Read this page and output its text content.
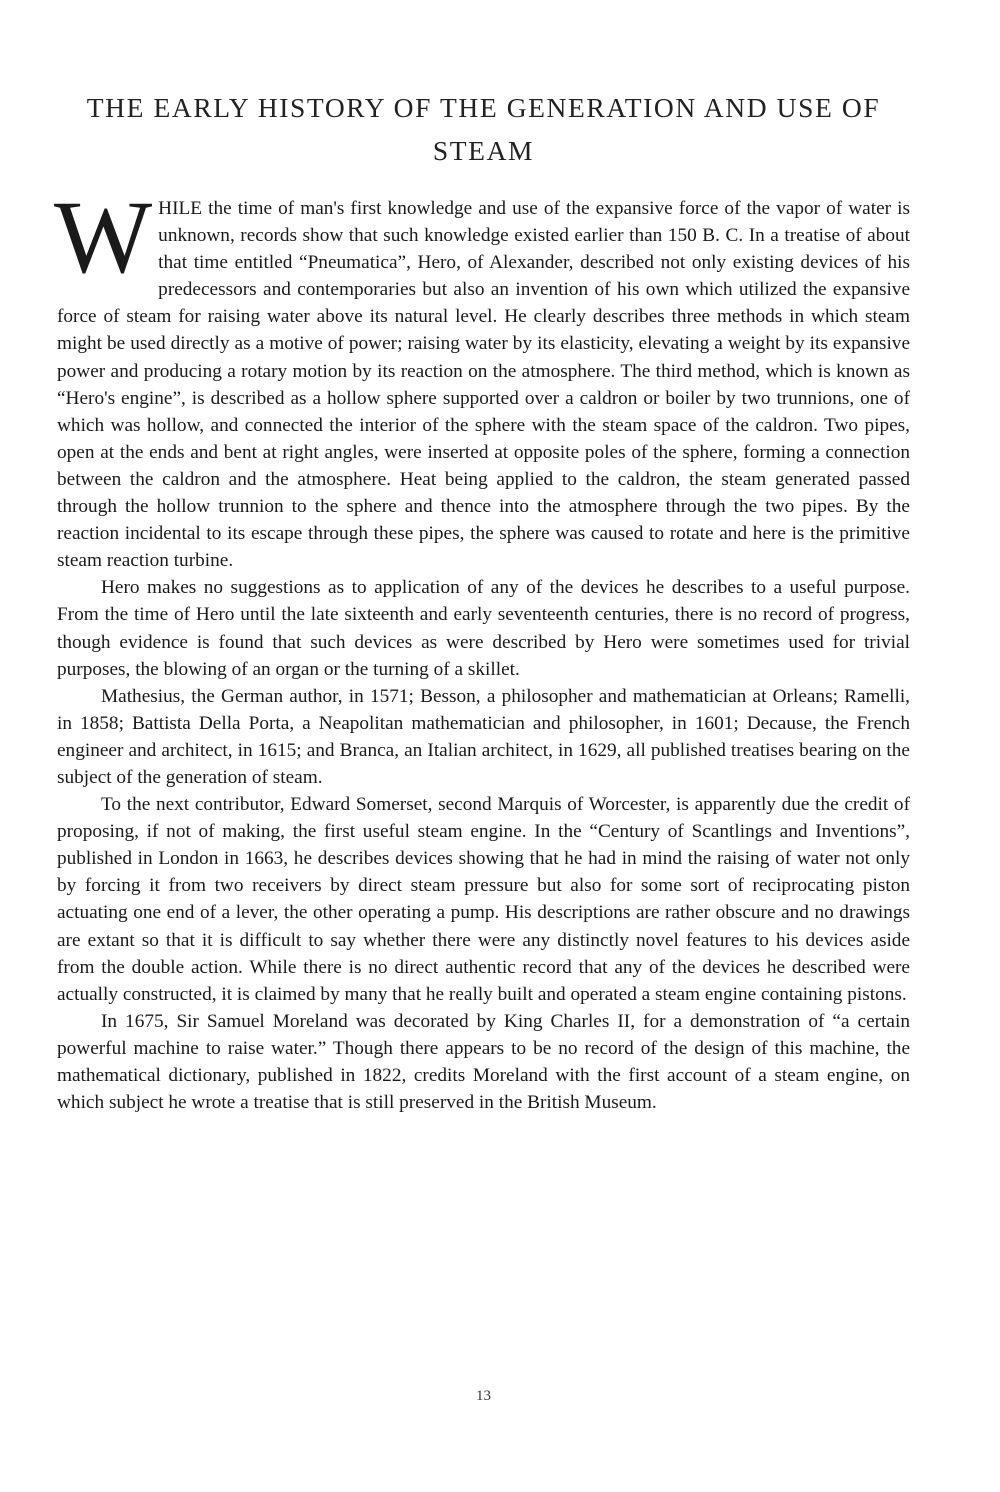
THE EARLY HISTORY OF THE GENERATION AND USE OF STEAM

WHILE the time of man's first knowledge and use of the expansive force of the vapor of water is unknown, records show that such knowledge existed earlier than 150 B. C. In a treatise of about that time entitled “Pneumatica”, Hero, of Alexander, described not only existing devices of his predecessors and contemporaries but also an invention of his own which utilized the expansive force of steam for raising water above its natural level. He clearly describes three methods in which steam might be used directly as a motive of power; raising water by its elasticity, elevating a weight by its expansive power and producing a rotary motion by its reaction on the atmosphere. The third method, which is known as “Hero's engine”, is described as a hollow sphere supported over a caldron or boiler by two trunnions, one of which was hollow, and connected the interior of the sphere with the steam space of the caldron. Two pipes, open at the ends and bent at right angles, were inserted at opposite poles of the sphere, forming a connection between the caldron and the atmosphere. Heat being applied to the caldron, the steam generated passed through the hollow trunnion to the sphere and thence into the atmosphere through the two pipes. By the reaction incidental to its escape through these pipes, the sphere was caused to rotate and here is the primitive steam reaction turbine.

Hero makes no suggestions as to application of any of the devices he describes to a useful purpose. From the time of Hero until the late sixteenth and early seventeenth centuries, there is no record of progress, though evidence is found that such devices as were described by Hero were sometimes used for trivial purposes, the blowing of an organ or the turning of a skillet.

Mathesius, the German author, in 1571; Besson, a philosopher and mathematician at Orleans; Ramelli, in 1858; Battista Della Porta, a Neapolitan mathematician and philosopher, in 1601; Decause, the French engineer and architect, in 1615; and Branca, an Italian architect, in 1629, all published treatises bearing on the subject of the generation of steam.

To the next contributor, Edward Somerset, second Marquis of Worcester, is apparently due the credit of proposing, if not of making, the first useful steam engine. In the “Century of Scantlings and Inventions”, published in London in 1663, he describes devices showing that he had in mind the raising of water not only by forcing it from two receivers by direct steam pressure but also for some sort of reciprocating piston actuating one end of a lever, the other operating a pump. His descriptions are rather obscure and no drawings are extant so that it is difficult to say whether there were any distinctly novel features to his devices aside from the double action. While there is no direct authentic record that any of the devices he described were actually constructed, it is claimed by many that he really built and operated a steam engine containing pistons.

In 1675, Sir Samuel Moreland was decorated by King Charles II, for a demonstration of “a certain powerful machine to raise water.” Though there appears to be no record of the design of this machine, the mathematical dictionary, published in 1822, credits Moreland with the first account of a steam engine, on which subject he wrote a treatise that is still preserved in the British Museum.

13
